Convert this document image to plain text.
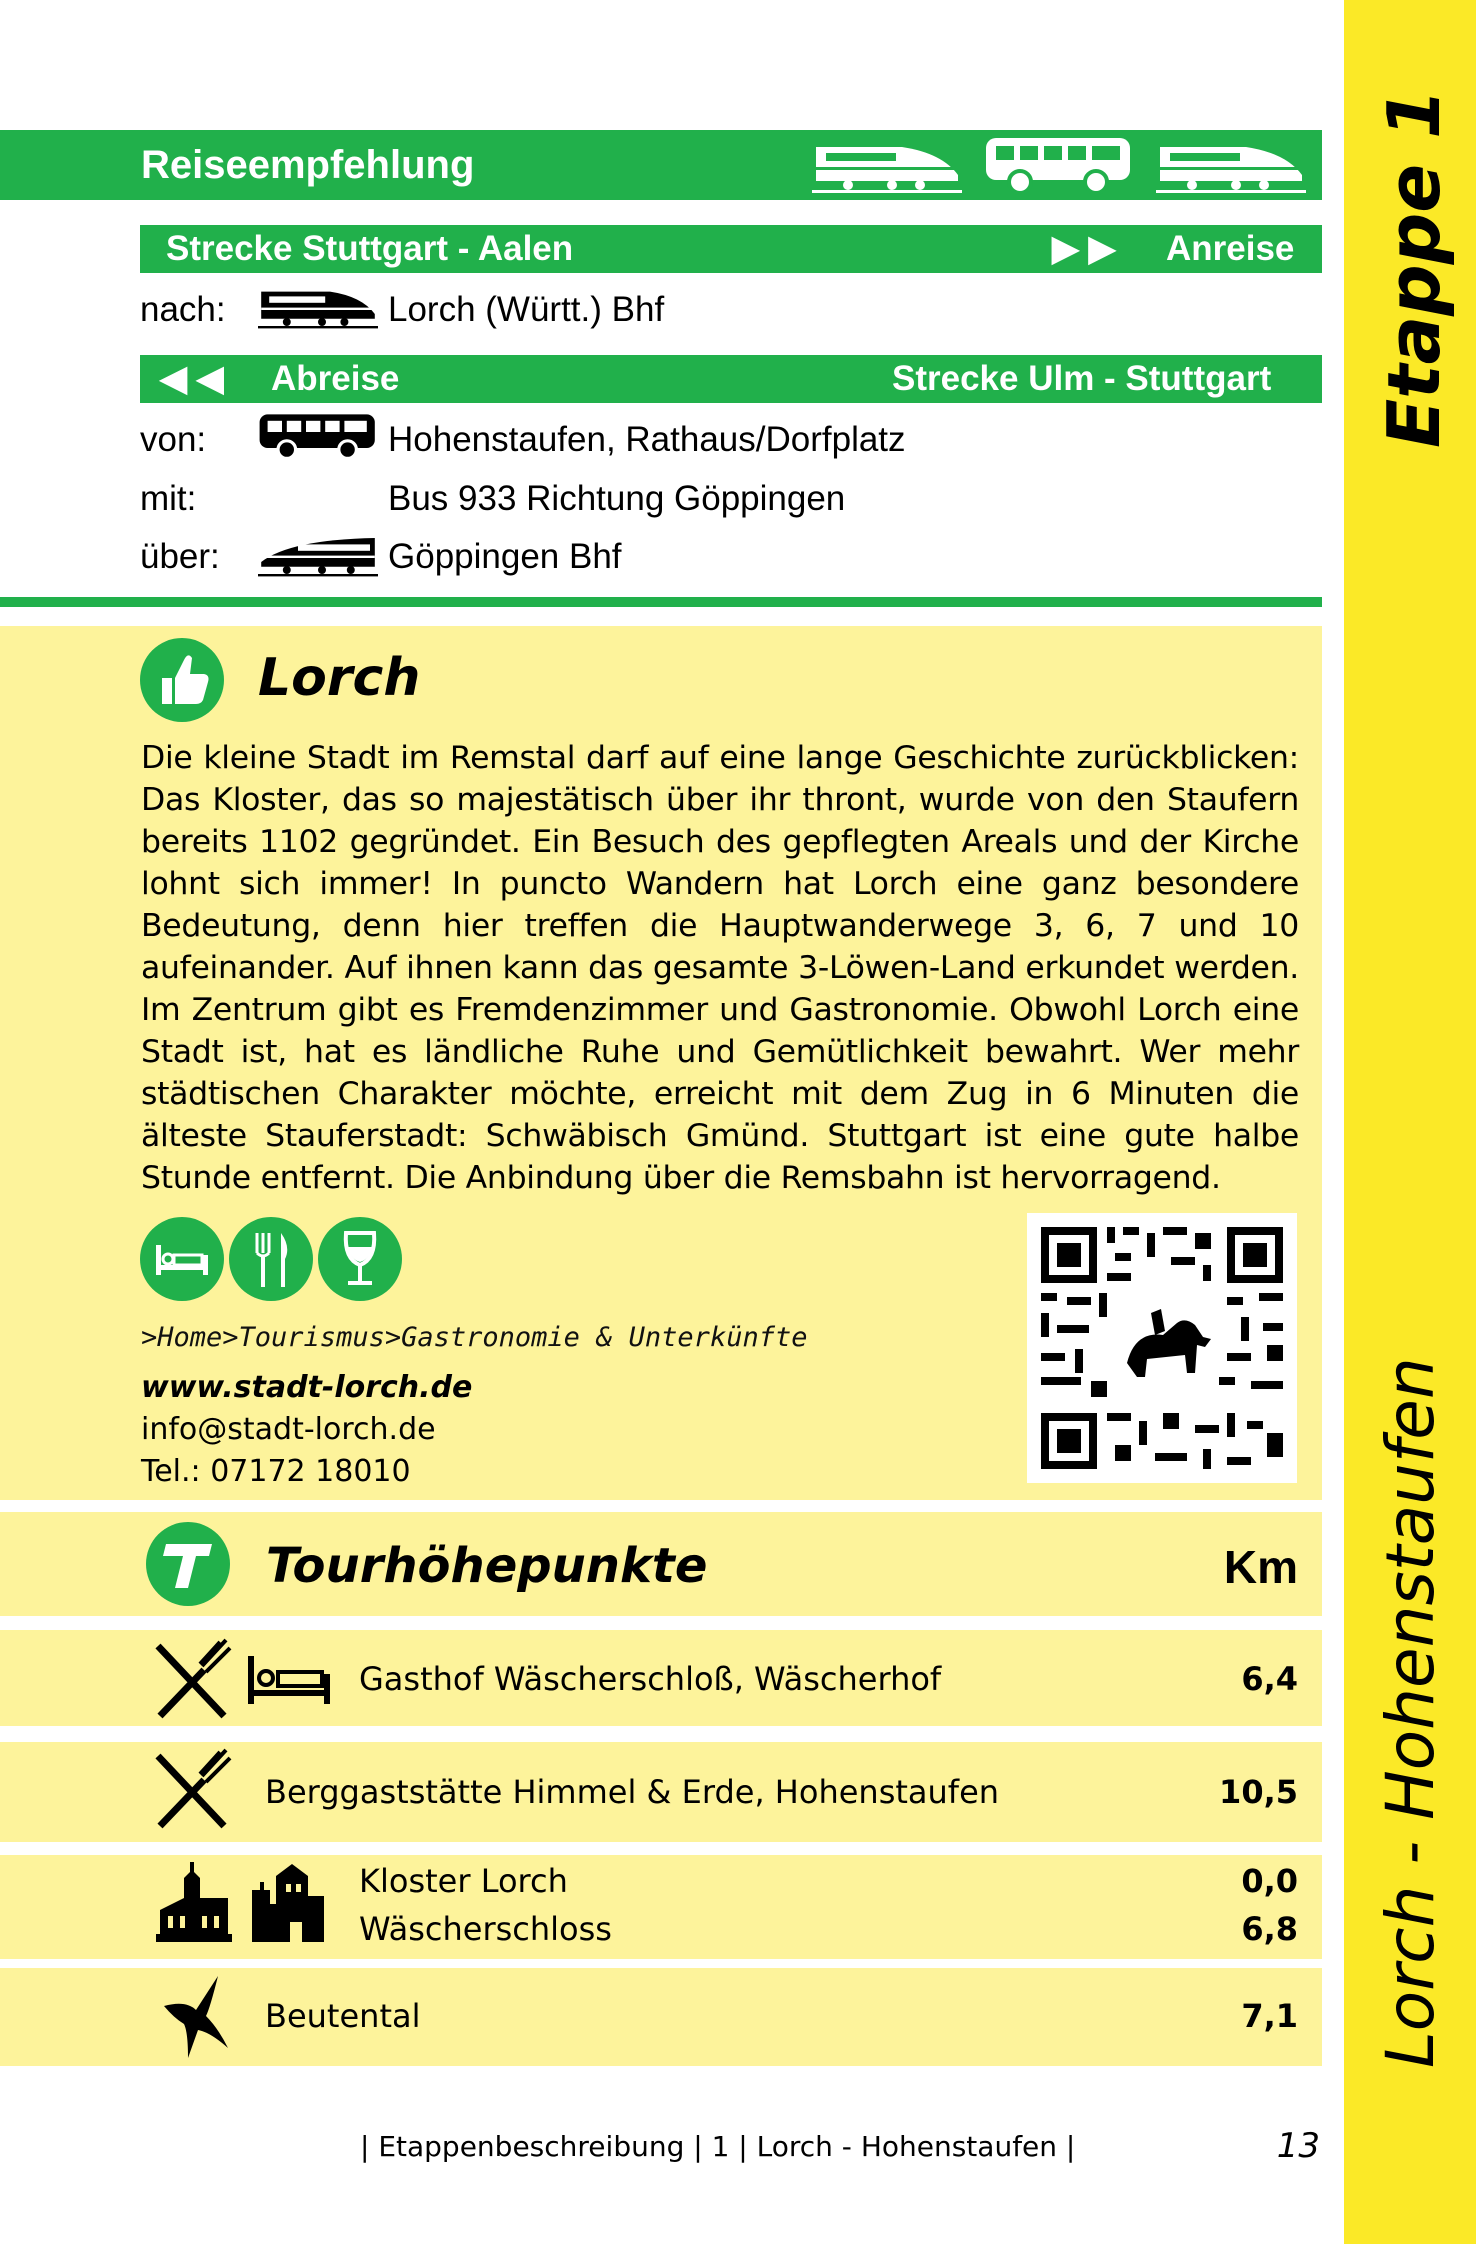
Etappe 1
Lorch - Hohenstaufen
Reiseempfehlung
Strecke Stuttgart - Aalen	▶ ▶ Anreise
nach:	Lorch (Württ.) Bhf
◀ ◀ Abreise	Strecke Ulm - Stuttgart
von:	Hohenstaufen, Rathaus/Dorfplatz
mit:	Bus 933 Richtung Göppingen
über:	Göppingen Bhf
Lorch
Die kleine Stadt im Remstal darf auf eine lange Geschichte zurückblicken: Das Kloster, das so majestätisch über ihr thront, wurde von den Staufern bereits 1102 gegründet. Ein Besuch des gepflegten Areals und der Kirche lohnt sich immer! In puncto Wandern hat Lorch eine ganz besondere Bedeutung, denn hier treffen die Hauptwanderwege 3, 6, 7 und 10 aufeinander. Auf ihnen kann das gesamte 3-Löwen-Land erkundet werden. Im Zentrum gibt es Fremdenzimmer und Gastronomie. Obwohl Lorch eine Stadt ist, hat es ländliche Ruhe und Gemütlichkeit bewahrt. Wer mehr städtischen Charakter möchte, erreicht mit dem Zug in 6 Minuten die älteste Stauferstadt: Schwäbisch Gmünd. Stuttgart ist eine gute halbe Stunde entfernt. Die Anbindung über die Remsbahn ist hervorragend.
>Home>Tourismus>Gastronomie & Unterkünfte
www.stadt-lorch.de
info@stadt-lorch.de
Tel.: 07172 18010
Tourhöhepunkte	Km
Gasthof Wäscherschloß, Wäscherhof	6,4
Berggaststätte Himmel & Erde, Hohenstaufen	10,5
Kloster Lorch	0,0
Wäscherschloss	6,8
Beutental	7,1
| Etappenbeschreibung | 1 | Lorch - Hohenstaufen |	13
